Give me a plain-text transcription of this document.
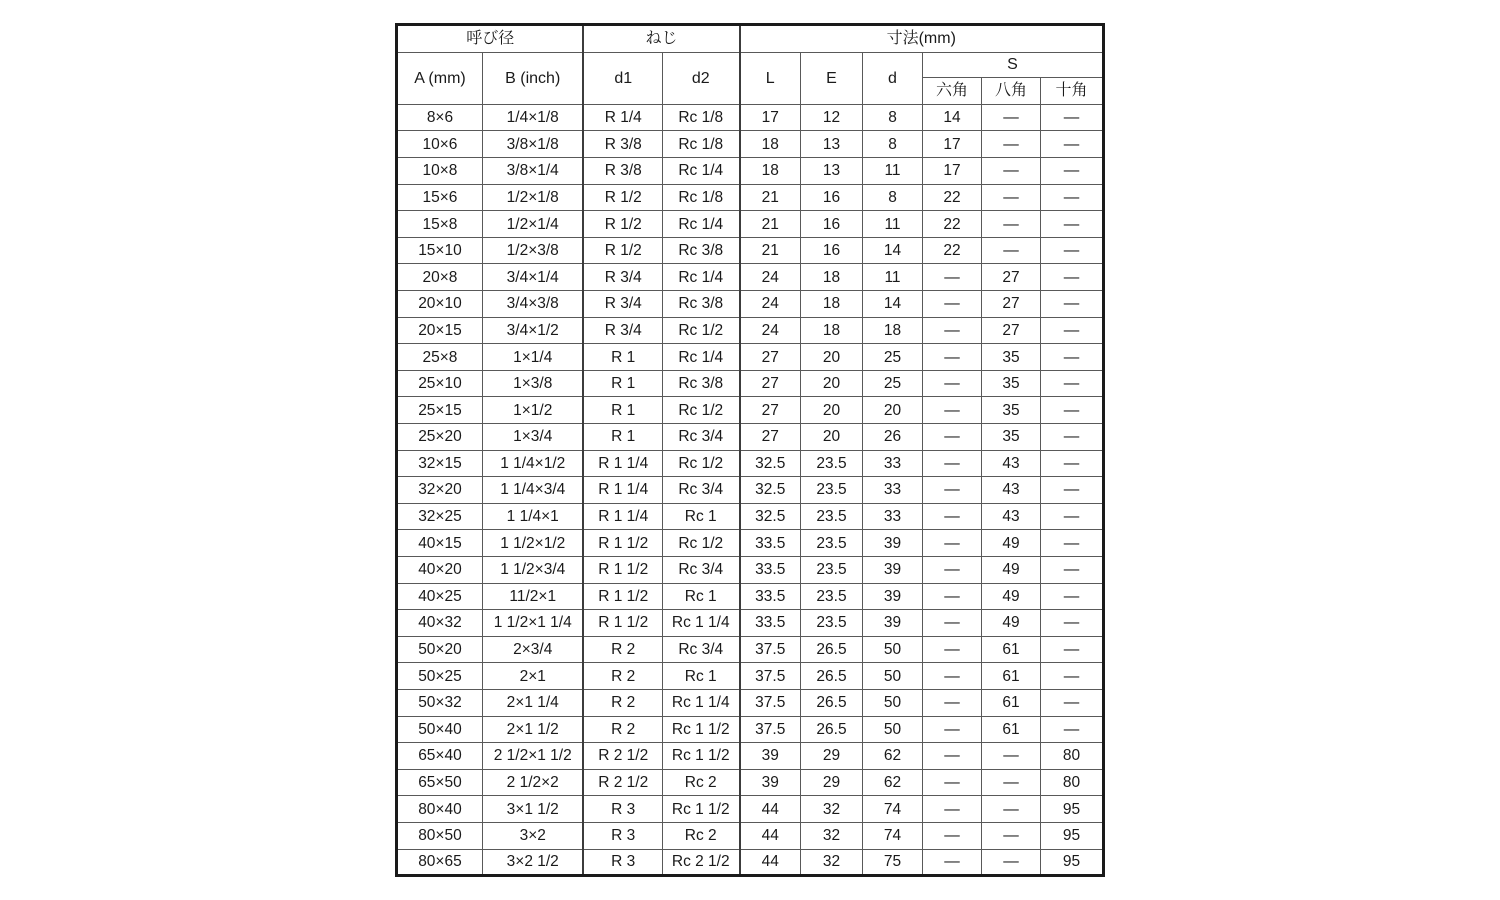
呼び径		ねじ		寸法(mm)					
A (mm)	B (inch)	d1	d2	L	E	d	S		
							六角	八角	十角
8×6	1/4×1/8	R 1/4	Rc 1/8	17	12	8	14	—	—
10×6	3/8×1/8	R 3/8	Rc 1/8	18	13	8	17	—	—
10×8	3/8×1/4	R 3/8	Rc 1/4	18	13	11	17	—	—
15×6	1/2×1/8	R 1/2	Rc 1/8	21	16	8	22	—	—
15×8	1/2×1/4	R 1/2	Rc 1/4	21	16	11	22	—	—
15×10	1/2×3/8	R 1/2	Rc 3/8	21	16	14	22	—	—
20×8	3/4×1/4	R 3/4	Rc 1/4	24	18	11	—	27	—
20×10	3/4×3/8	R 3/4	Rc 3/8	24	18	14	—	27	—
20×15	3/4×1/2	R 3/4	Rc 1/2	24	18	18	—	27	—
25×8	1×1/4	R 1	Rc 1/4	27	20	25	—	35	—
25×10	1×3/8	R 1	Rc 3/8	27	20	25	—	35	—
25×15	1×1/2	R 1	Rc 1/2	27	20	20	—	35	—
25×20	1×3/4	R 1	Rc 3/4	27	20	26	—	35	—
32×15	1 1/4×1/2	R 1 1/4	Rc 1/2	32.5	23.5	33	—	43	—
32×20	1 1/4×3/4	R 1 1/4	Rc 3/4	32.5	23.5	33	—	43	—
32×25	1 1/4×1	R 1 1/4	Rc 1	32.5	23.5	33	—	43	—
40×15	1 1/2×1/2	R 1 1/2	Rc 1/2	33.5	23.5	39	—	49	—
40×20	1 1/2×3/4	R 1 1/2	Rc 3/4	33.5	23.5	39	—	49	—
40×25	11/2×1	R 1 1/2	Rc 1	33.5	23.5	39	—	49	—
40×32	1 1/2×1 1/4	R 1 1/2	Rc 1 1/4	33.5	23.5	39	—	49	—
50×20	2×3/4	R 2	Rc 3/4	37.5	26.5	50	—	61	—
50×25	2×1	R 2	Rc 1	37.5	26.5	50	—	61	—
50×32	2×1 1/4	R 2	Rc 1 1/4	37.5	26.5	50	—	61	—
50×40	2×1 1/2	R 2	Rc 1 1/2	37.5	26.5	50	—	61	—
65×40	2 1/2×1 1/2	R 2 1/2	Rc 1 1/2	39	29	62	—	—	80
65×50	2 1/2×2	R 2 1/2	Rc 2	39	29	62	—	—	80
80×40	3×1 1/2	R 3	Rc 1 1/2	44	32	74	—	—	95
80×50	3×2	R 3	Rc 2	44	32	74	—	—	95
80×65	3×2 1/2	R 3	Rc 2 1/2	44	32	75	—	—	95
